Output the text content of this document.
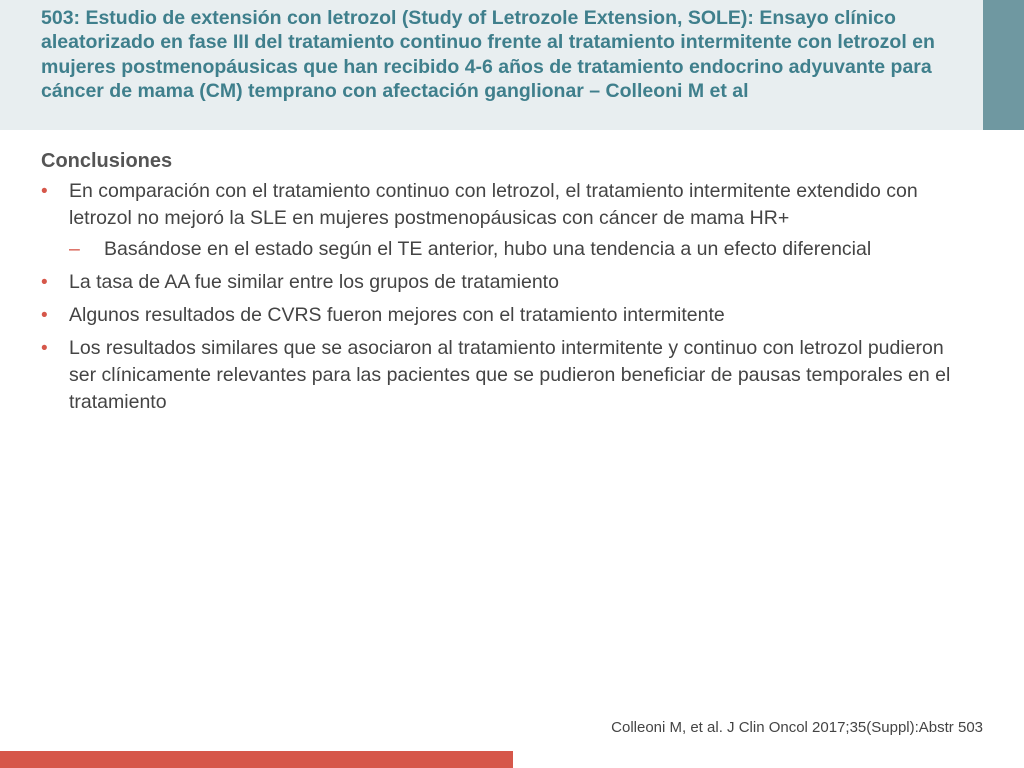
503: Estudio de extensión con letrozol (Study of Letrozole Extension, SOLE): Ensayo clínico aleatorizado en fase III del tratamiento continuo frente al tratamiento intermitente con letrozol en mujeres postmenopáusicas que han recibido 4-6 años de tratamiento endocrino adyuvante para cáncer de mama (CM) temprano con afectación ganglionar – Colleoni M et al
Conclusiones
• En comparación con el tratamiento continuo con letrozol, el tratamiento intermitente extendido con letrozol no mejoró la SLE en mujeres postmenopáusicas con cáncer de mama HR+
– Basándose en el estado según el TE anterior, hubo una tendencia a un efecto diferencial
• La tasa de AA fue similar entre los grupos de tratamiento
• Algunos resultados de CVRS fueron mejores con el tratamiento intermitente
• Los resultados similares que se asociaron al tratamiento intermitente y continuo con letrozol pudieron ser clínicamente relevantes para las pacientes que se pudieron beneficiar de pausas temporales en el tratamiento
Colleoni M, et al. J Clin Oncol 2017;35(Suppl):Abstr 503
